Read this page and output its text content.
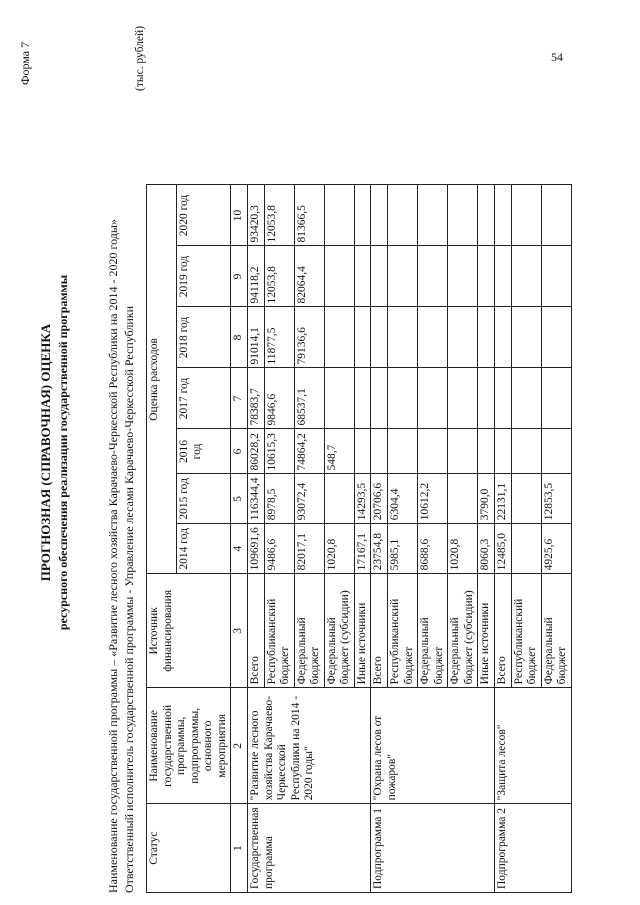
54
Форма 7
ПРОГНОЗНАЯ (СПРАВОЧНАЯ) ОЦЕНКА ресурсного обеспечения реализации государственной программы	Наименование государственной программы – «Развитие лесного хозяйства Карачаево-Черкесской Республики на 2014 - 2020 годы» Ответственный исполнитель государственной программы - Управление лесами Карачаево-Черкесской Республики
(тыс. рублей)
Статус	Наименование государственной программы, подпрограммы, основного мероприятия	Источник финансирования	Оценка расходов						
			2014 год	2015 год	2016 год	2017 год	2018 год	2019 год	2020 год
1	2	3	4	5	6	7	8	9	10
Государственная программа	"Развитие лесного хозяйства Карачаево-Черкесской Республики на 2014 - 2020 годы"	Всего	109691,6	116344,4	86028,2	78383,7	91014,1	94118,2	93420,3
		Республиканский бюджет	9486,6	8978,5	10615,3	9846,6	11877,5	12053,8	12053,8
		Федеральный бюджет	82017,1	93072,4	74864,2	68537,1	79136,6	82064,4	81366,5
		Федеральный бюджет (субсидии)	1020,8		548,7				
		Иные источники	17167,1	14293,5					
Подпрограмма 1	"Охрана лесов от пожаров"	Всего	23754,8	20706,6					
		Республиканский бюджет	5985,1	6304,4					
		Федеральный бюджет	8688,6	10612,2					
		Федеральный бюджет (субсидии)	1020,8						
		Иные источники	8060,3	3790,0					
Подпрограмма 2	"Защита лесов"	Всего	12485,0	22131,1					
		Республиканский бюджет							
		Федеральный бюджет	4925,6	12853,5					
